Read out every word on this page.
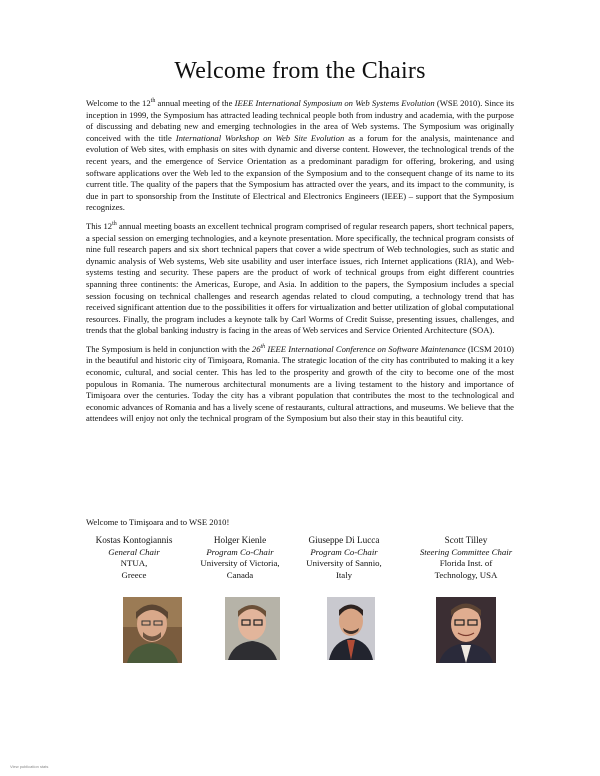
Welcome from the Chairs

Welcome to the 12th annual meeting of the IEEE International Symposium on Web Systems Evolution (WSE 2010). Since its inception in 1999, the Symposium has attracted leading technical people both from industry and academia, with the purpose of discussing and debating new and emerging technologies in the area of Web systems. The Symposium was originally conceived with the title International Workshop on Web Site Evolution as a forum for the analysis, maintenance and evolution of Web sites, with emphasis on sites with dynamic and diverse content. However, the technological trends of the recent years, and the emergence of Service Orientation as a predominant paradigm for offering, brokering, and using software applications over the Web led to the expansion of the Symposium and to the consequent change of its name to its current title. The quality of the papers that the Symposium has attracted over the years, and its impact to the community, is due in part to sponsorship from the Institute of Electrical and Electronics Engineers (IEEE) – support that the Symposium recognizes.

This 12th annual meeting boasts an excellent technical program comprised of regular research papers, short technical papers, a special session on emerging technologies, and a keynote presentation. More specifically, the technical program consists of nine full research papers and six short technical papers that cover a wide spectrum of Web technologies, such as static and dynamic analysis of Web systems, Web site usability and user interface issues, rich Internet applications (RIA), and Web-systems testing and security. These papers are the product of work of technical groups from eight different countries spanning three continents: the Americas, Europe, and Asia. In addition to the papers, the Symposium includes a special session focusing on technical challenges and research agendas related to cloud computing, a technology trend that has received significant attention due to the possibilities it offers for virtualization and better utilization of global computational resources. Finally, the program includes a keynote talk by Carl Worms of Credit Suisse, presenting issues, challenges, and trends that the global banking industry is facing in the areas of Web services and Service Oriented Architecture (SOA).

The Symposium is held in conjunction with the 26th IEEE International Conference on Software Maintenance (ICSM 2010) in the beautiful and historic city of Timişoara, Romania. The strategic location of the city has contributed to making it a key economic, cultural, and social center. This has led to the prosperity and growth of the city to become one of the most populous in Romania. The numerous architectural monuments are a living testament to the history and importance of Timişoara over the centuries. Today the city has a vibrant population that contributes the most to the technological and economic advances of Romania and has a lively scene of restaurants, cultural attractions, and museums. We believe that the attendees will enjoy not only the technical program of the Symposium but also their stay in this beautiful city.

Welcome to Timişoara and to WSE 2010!
Kostas Kontogiannis
General Chair
NTUA,
Greece
Holger Kienle
Program Co-Chair
University of Victoria,
Canada
Giuseppe Di Lucca
Program Co-Chair
University of Sannio,
Italy
Scott Tilley
Steering Committee Chair
Florida Inst. of
Technology, USA
View publication stats
